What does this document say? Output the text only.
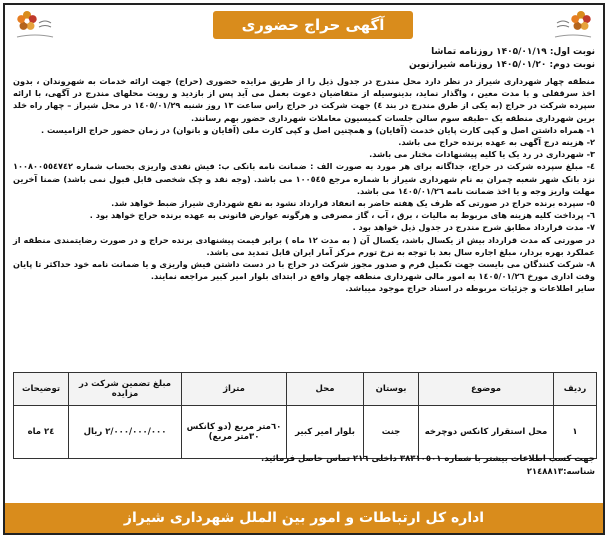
آگهی حراج حضوری ۵-۱۴۰۵	نوبت اول: ۱۴۰۵/۰۱/۱۹ روزنامه تماشا
نوبت دوم: ۱۴۰۵/۰۱/۲۰ روزنامه شیرازنوین

منطقه چهار شهرداری شیراز در نظر دارد محل مندرج در جدول ذیل را از طریق مزایده حضوری (حراج) جهت ارائه خدمات به شهروندان ، بدون اخذ سرقفلی و با مدت معین ، واگذار نماید، بدینوسیله از متقاضیان دعوت بعمل می آید پس از بازدید و رویت محلهای مندرج در آگهی، با ارائه سپرده شرکت در حراج (به یکی از طرق مندرج در بند ٤) جهت شرکت در حراج راس ساعت ١٣ روز شنبه ١٤٠٥/٠١/٢٩ در محل شیراز – چهار راه خلد برین شهرداری منطقه یک –طبقه سوم سالن جلسات کمیسیون معاملات شهرداری حضور بهم رسانند.

١- همراه داشتن اصل و کپی کارت پایان خدمت (آقایان) و همچنین اصل و کپی کارت ملی (آقایان و بانوان) در زمان حضور حراج الزامیست .

٢- هزینه درج آگهی به عهده برنده حراج می باشد.

٣- شهرداری در رد یک یا کلیه پیشنهادات مختار می باشد.

٤- مبلغ سپرده شرکت در حراج، جداگانه برای هر مورد به صورت الف : ضمانت نامه بانکی ب: فیش نقدی واریزی بحساب شماره ١٠٠٨٠٠٥٥٤٧٤٢ نزد بانک شهر شعبه چمران به نام شهرداری شیراز با شماره مرجع ١٠٠٥٤٥ می باشد. (وجه نقد و چک شخصی قابل قبول نمی باشد) ضمنا آخرین مهلت واریز وجه و یا اخذ ضمانت نامه ١٤٠٥/٠١/٢٦ می باشد.

٥- سپرده برنده حراج در صورتی که ظرف یک هفته حاضر به انعقاد قرارداد نشود به نفع شهرداری شیراز ضبط خواهد شد.

٦- پرداخت کلیه هزینه های مربوط به مالیات ، برق ، آب ، گاز مصرفی و هرگونه عوارض قانونی به عهده برنده حراج خواهد بود .

٧- مدت قرارداد مطابق شرح مندرج در جدول ذیل خواهد بود .

در صورتی که مدت قرارداد بیش از یکسال باشد، یکسال آن ( به مدت ١٢ ماه ) برابر قیمت پیشنهادی برنده حراج و در صورت رضایتمندی منطقه از عملکرد بهره بردار، مبلغ اجاره سال بعد با توجه به نرخ تورم مرکز آمار ایران قابل تمدید می باشد.

٨- شرکت کنندگان می بایست جهت تکمیل فرم و صدور مجوز شرکت در حراج با در دست داشتن فیش واریزی و یا ضمانت نامه خود حداکثر تا پایان وقت اداری مورخ ١٤٠٥/٠١/٢٦ به امور مالی شهرداری منطقه چهار واقع در ابتدای بلوار امیر کبیر مراجعه نمایند.

سایر اطلاعات و جزئیات مربوطه در اسناد حراج موجود میباشد.

ردیف	موضوع	بوستان	محل	متراژ	مبلغ تضمین شرکت در مزایده	توضیحات
١	محل استقرار کانکس دوچرخه	جنت	بلوار امیر کبیر	٦٠متر مربع (دو کانکس ٣٠متر مربع)	٢/٠٠٠/٠٠٠/٠٠٠ ریال	٢٤ ماه
جهت کسب اطلاعات بیشتر با شماره ٣٨٣١٠٥٠١ داخلی ٢١٦ تماس حاصل فرمائید.
شناسه:٢١٤٨٨١٣
اداره کل ارتباطات و امور بین الملل شهرداری شیراز
